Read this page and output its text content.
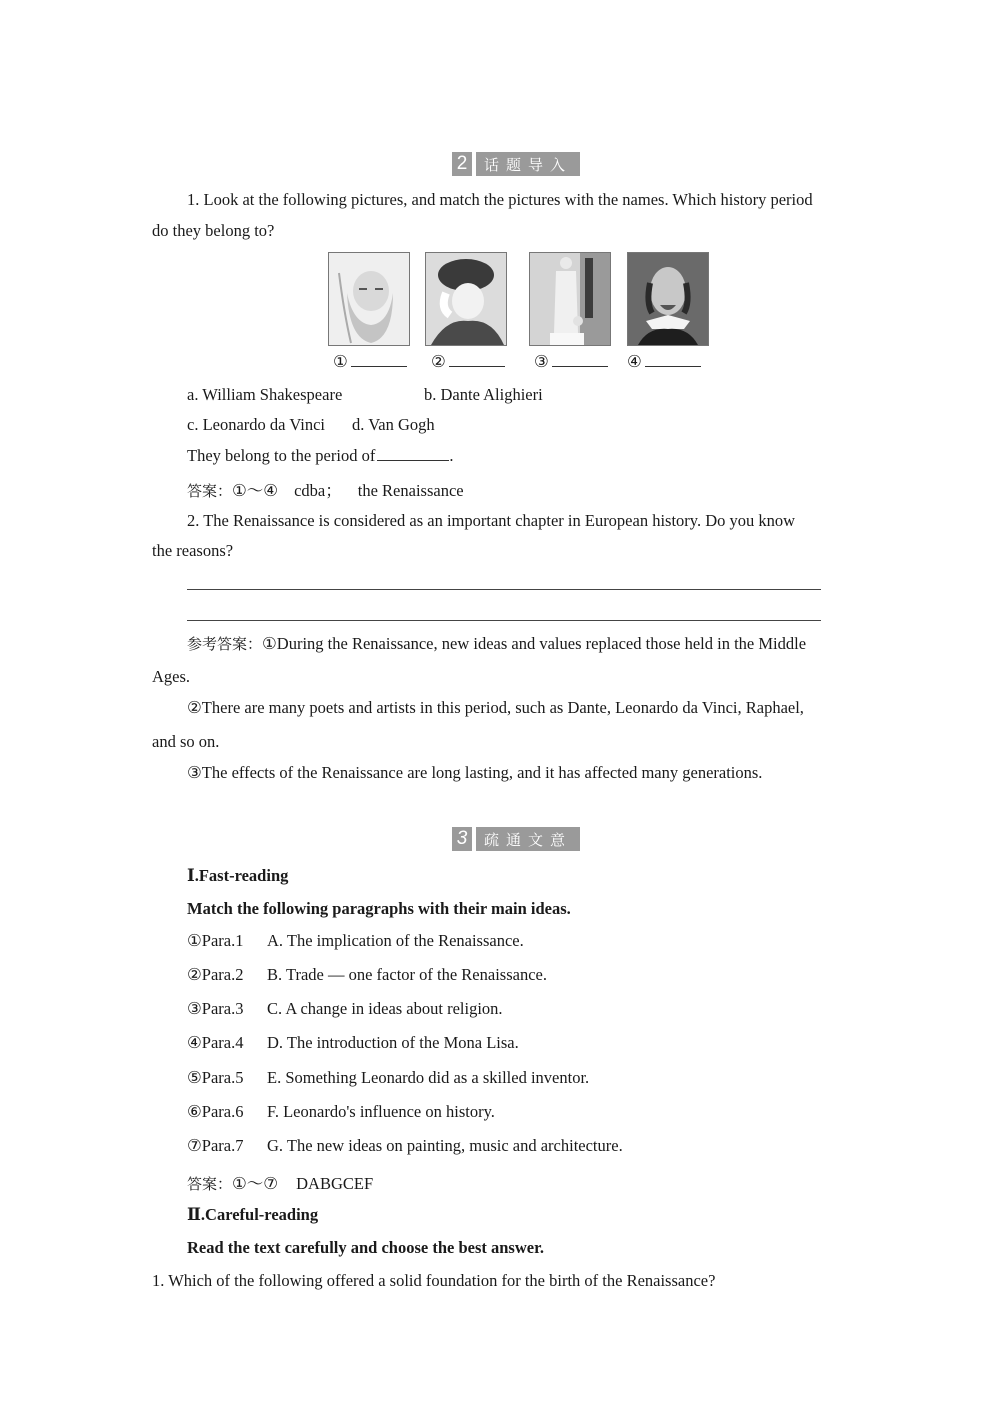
2	话题导入
1. Look at the following pictures, and match the pictures with the names. Which history period
do they belong to?
①	②	③	④
a. William Shakespeare	b. Dante Alighieri
c. Leonardo da Vinci d. Van Gogh
They belong to the period of	.
答案：①～④ cdba； the Renaissance
2. The Renaissance is considered as an important chapter in European history. Do you know
the reasons?
参考答案：①During the Renaissance, new ideas and values replaced those held in the Middle
Ages.
②There are many poets and artists in this period, such as Dante, Leonardo da Vinci, Raphael,
and so on.
③The effects of the Renaissance are long lasting, and it has affected many generations.
3	疏通文意
Ⅰ.Fast-reading
Match the following paragraphs with their main ideas.
①Para.1 A. The implication of the Renaissance.
②Para.2 B. Trade — one factor of the Renaissance.
③Para.3 C. A change in ideas about religion.
④Para.4 D. The introduction of the Mona Lisa.
⑤Para.5 E. Something Leonardo did as a skilled inventor.
⑥Para.6 F. Leonardo's influence on history.
⑦Para.7 G. The new ideas on painting, music and architecture.
答案：①～⑦ DABGCEF
Ⅱ.Careful-reading
Read the text carefully and choose the best answer.
1. Which of the following offered a solid foundation for the birth of the Renaissance?
